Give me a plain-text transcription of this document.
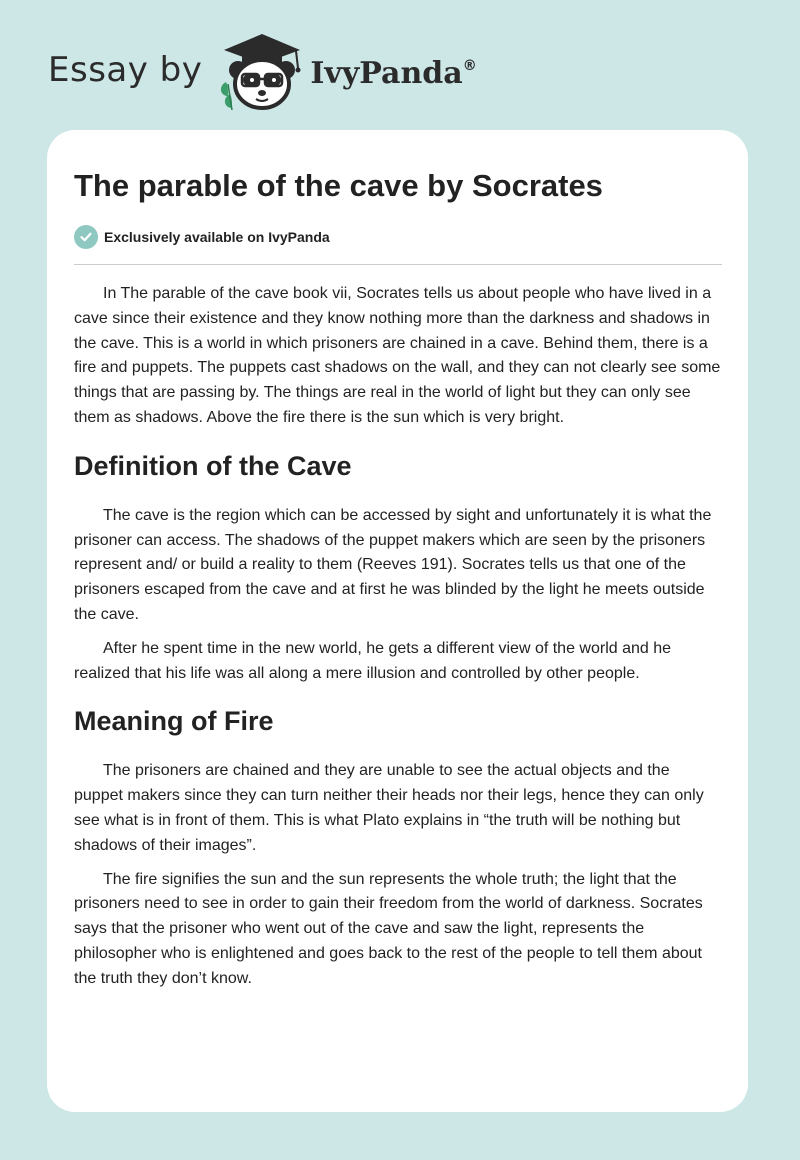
Essay by	IvyPanda®
The parable of the cave by Socrates
Exclusively available on IvyPanda

In The parable of the cave book vii, Socrates tells us about people who have lived in a cave since their existence and they know nothing more than the darkness and shadows in the cave. This is a world in which prisoners are chained in a cave. Behind them, there is a fire and puppets. The puppets cast shadows on the wall, and they can not clearly see some things that are passing by. The things are real in the world of light but they can only see them as shadows. Above the fire there is the sun which is very bright.

Definition of the Cave

The cave is the region which can be accessed by sight and unfortunately it is what the prisoner can access. The shadows of the puppet makers which are seen by the prisoners represent and/ or build a reality to them (Reeves 191). Socrates tells us that one of the prisoners escaped from the cave and at first he was blinded by the light he meets outside the cave.

After he spent time in the new world, he gets a different view of the world and he realized that his life was all along a mere illusion and controlled by other people.

Meaning of Fire

The prisoners are chained and they are unable to see the actual objects and the puppet makers since they can turn neither their heads nor their legs, hence they can only see what is in front of them. This is what Plato explains in “the truth will be nothing but shadows of their images”.

The fire signifies the sun and the sun represents the whole truth; the light that the prisoners need to see in order to gain their freedom from the world of darkness. Socrates says that the prisoner who went out of the cave and saw the light, represents the philosopher who is enlightened and goes back to the rest of the people to tell them about the truth they don’t know.
